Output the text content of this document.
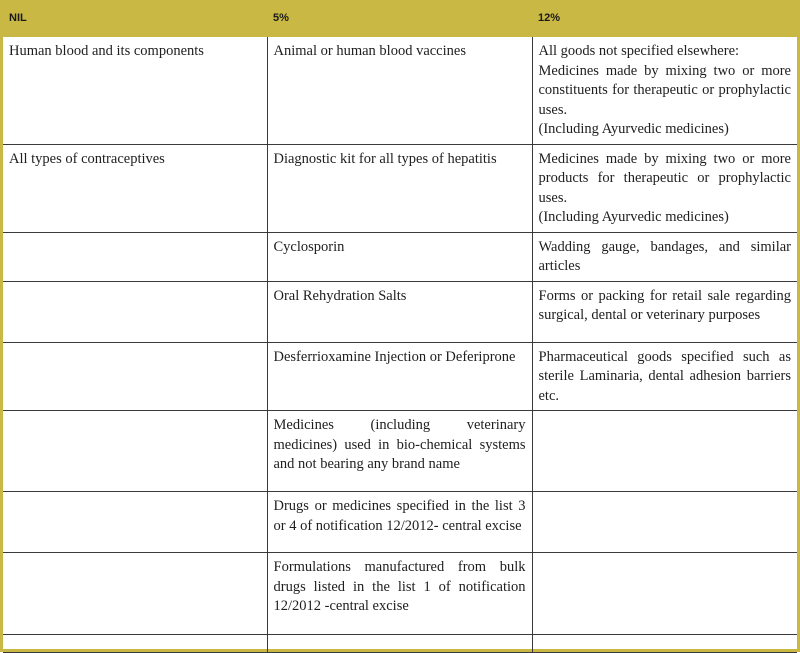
NIL	5%	12%
Human blood and its components	Animal or human blood vaccines	All goods not specified elsewhere:
Medicines made by mixing two or more constituents for therapeutic or prophylactic uses.
(Including Ayurvedic medicines)

All types of contraceptives	Diagnostic kit for all types of hepatitis	Medicines made by mixing two or more products for therapeutic or prophylactic uses.
(Including Ayurvedic medicines)

	Cyclosporin	Wadding gauge, bandages, and similar articles
	Oral Rehydration Salts	Forms or packing for retail sale regarding surgical, dental or veterinary purposes
	Desferrioxamine Injection or Deferiprone	Pharmaceutical goods specified such as sterile Laminaria, dental adhesion barriers etc.
	Medicines (including veterinary medicines) used in bio-chemical systems and not bearing any brand name	
	Drugs or medicines specified in the list 3 or 4 of notification 12/2012- central excise	
	Formulations manufactured from bulk drugs listed in the list 1 of notification 12/2012 -central excise	
